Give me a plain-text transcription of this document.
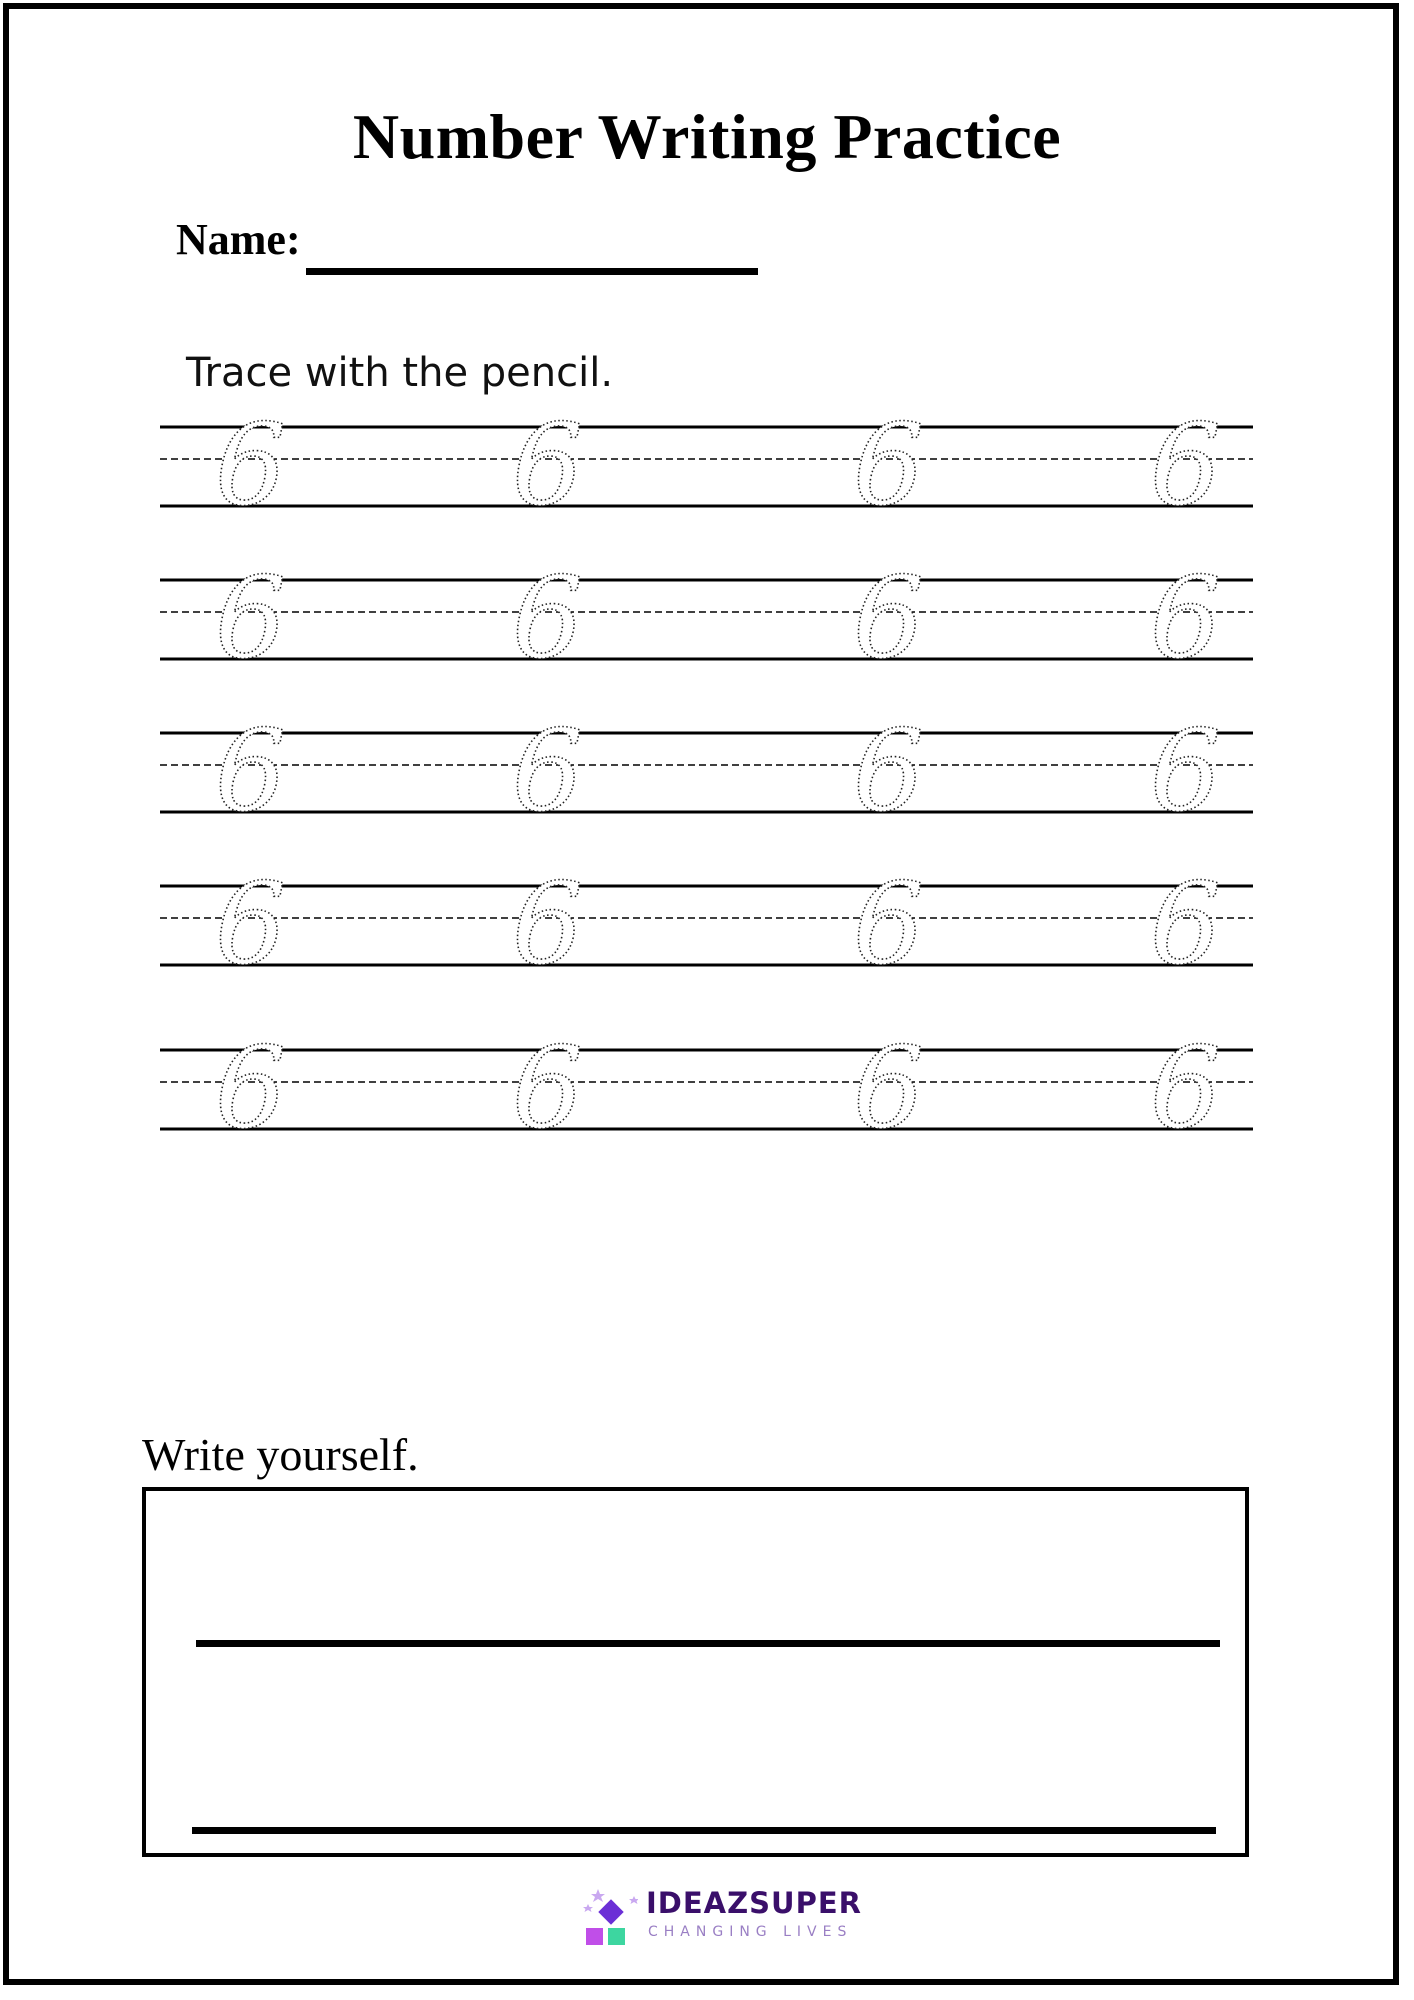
Number Writing Practice
Name:
Trace with the pencil.
6 6 6 6
6 6 6 6
6 6 6 6
6 6 6 6
6 6 6 6
Write yourself.
IDEAZSUPER
CHANGING LIVES
